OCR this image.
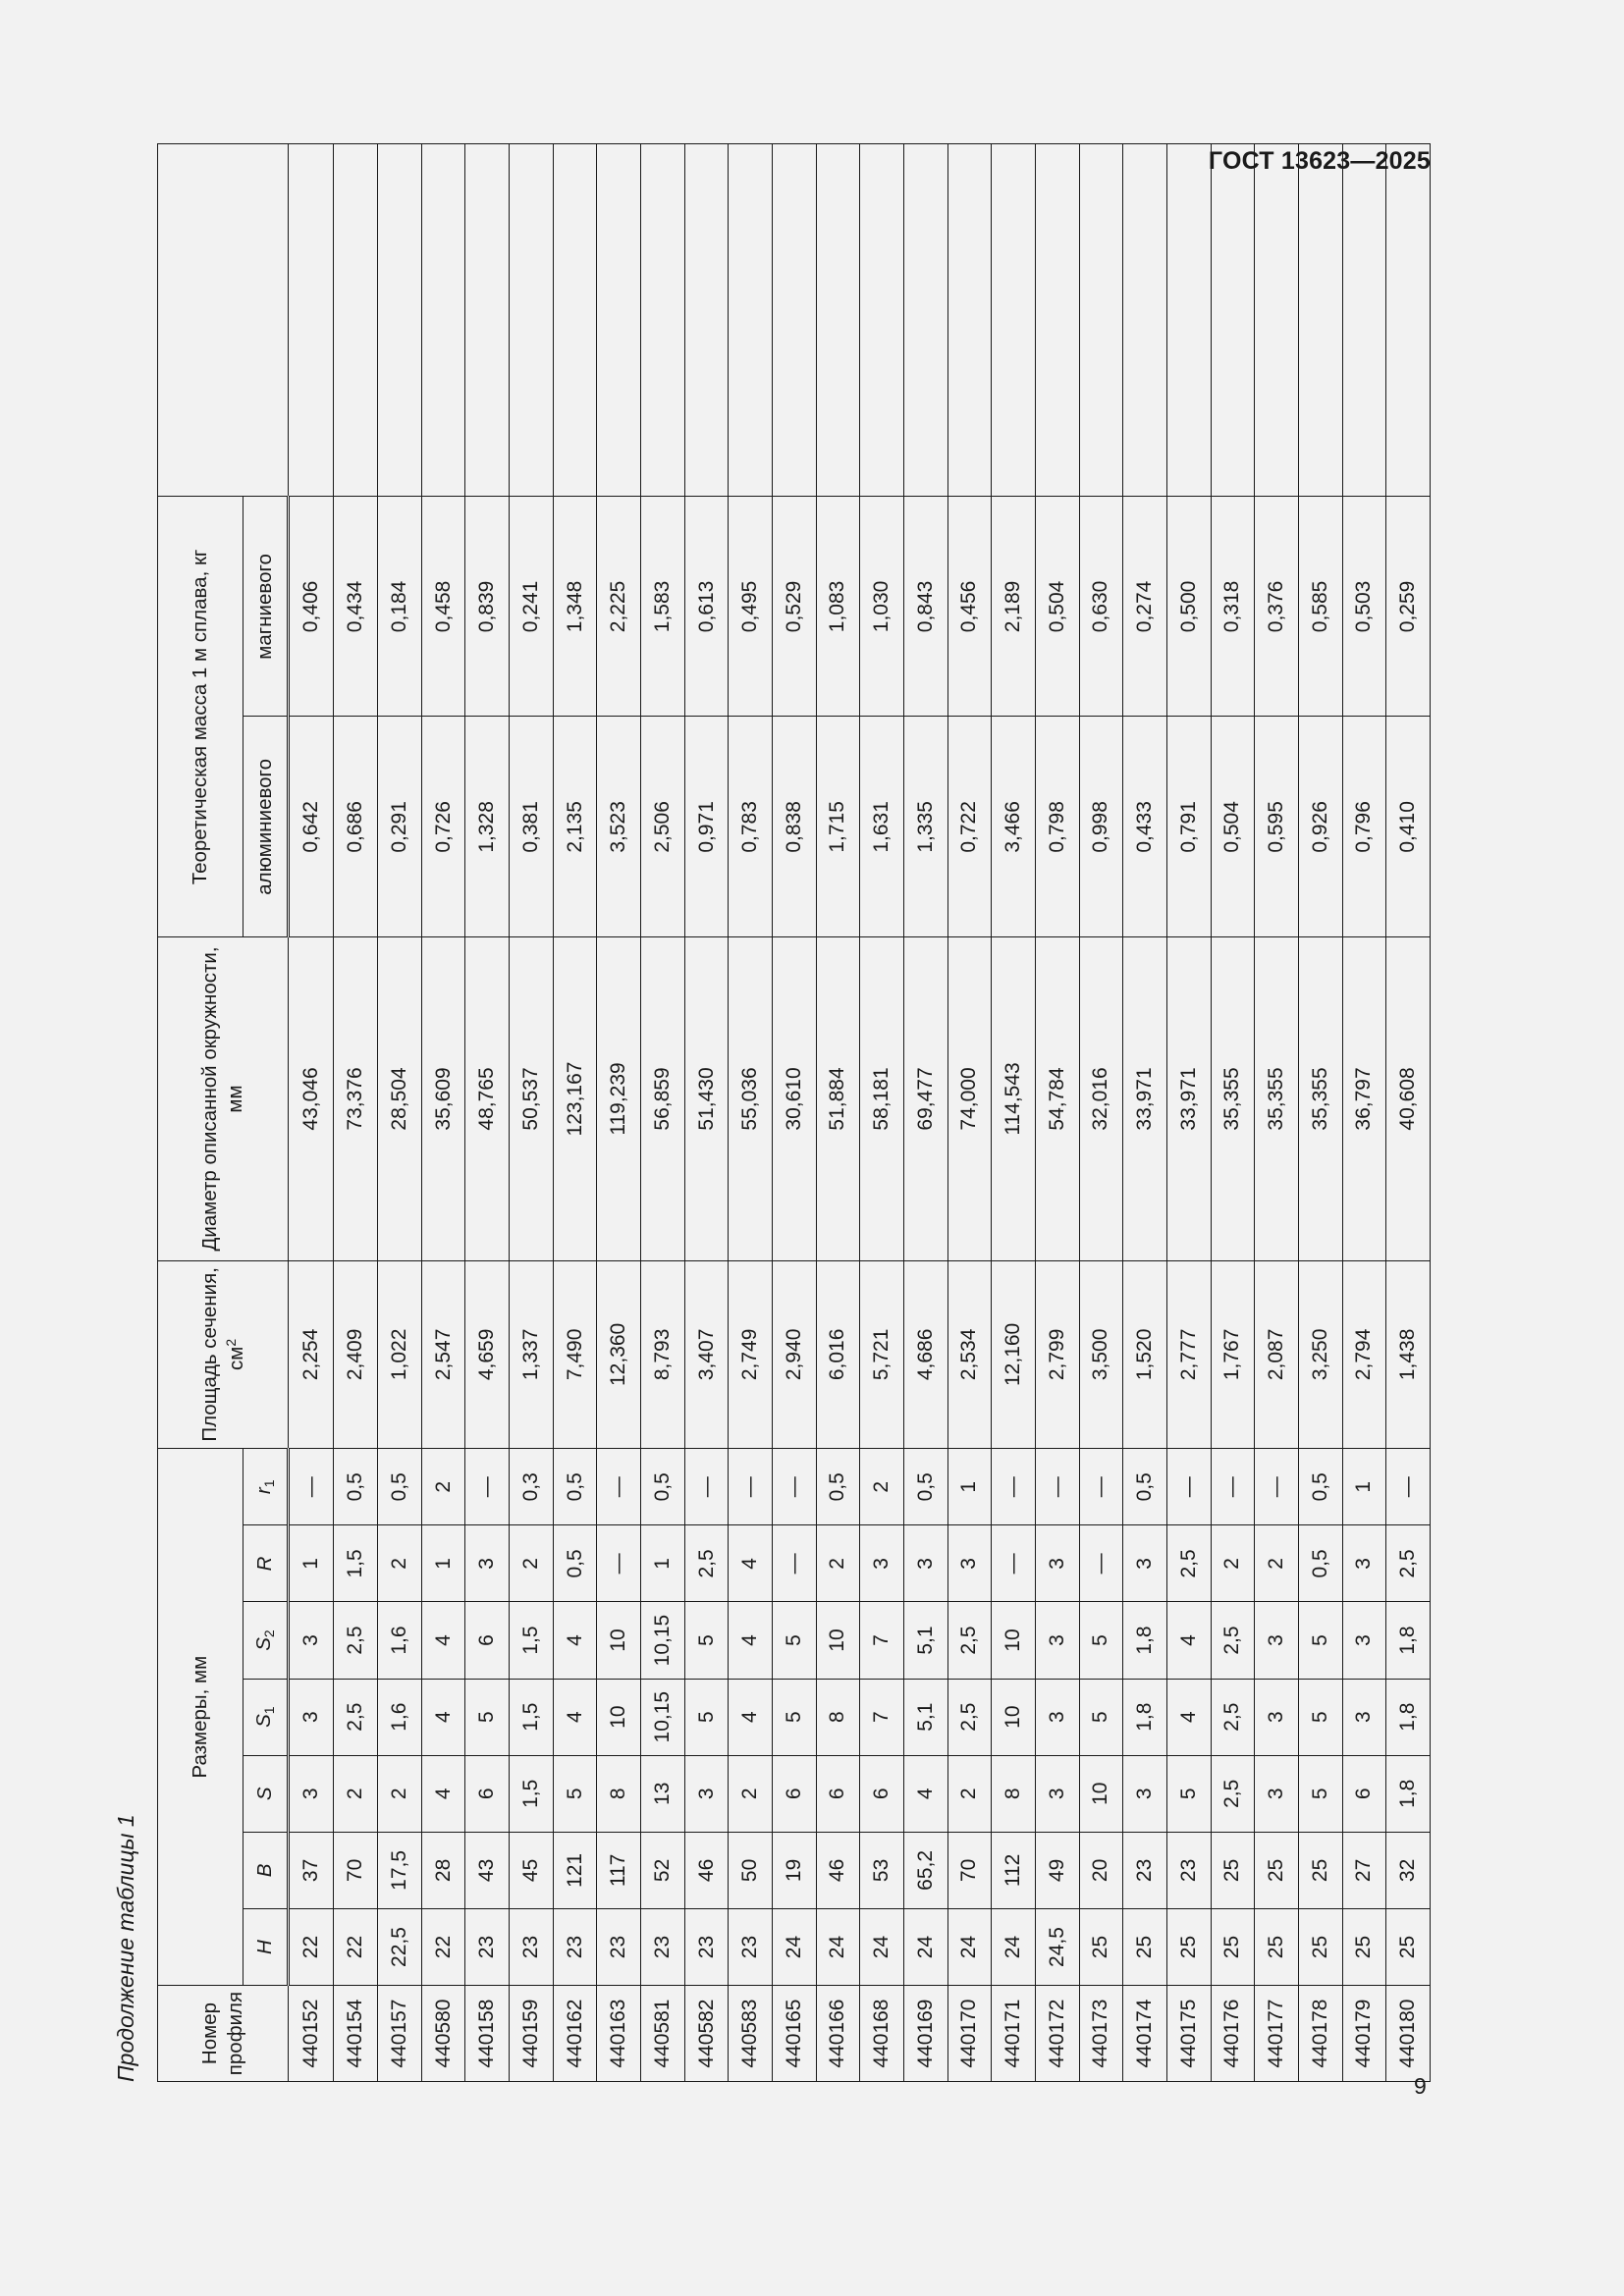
ГОСТ 13623—2025
Продолжение таблицы 1	Номер профиля	Размеры, мм							Площадь сечения, $см^2$	Диаметр описанной окружности, мм	Теоретическая масса 1 м сплава, кг		
	H	B	S	$S_1$	$S_2$	R	$r_1$			алюминиевого	магниевого	
440152	22	37	3	3	3	1	—	2,254	43,046	0,642	0,406	
440154	22	70	2	2,5	2,5	1,5	0,5	2,409	73,376	0,686	0,434	
440157	22,5	17,5	2	1,6	1,6	2	0,5	1,022	28,504	0,291	0,184	
440580	22	28	4	4	4	1	2	2,547	35,609	0,726	0,458	
440158	23	43	6	5	6	3	—	4,659	48,765	1,328	0,839	
440159	23	45	1,5	1,5	1,5	2	0,3	1,337	50,537	0,381	0,241	
440162	23	121	5	4	4	0,5	0,5	7,490	123,167	2,135	1,348	
440163	23	117	8	10	10	—	—	12,360	119,239	3,523	2,225	
440581	23	52	13	10,15	10,15	1	0,5	8,793	56,859	2,506	1,583	
440582	23	46	3	5	5	2,5	—	3,407	51,430	0,971	0,613	
440583	23	50	2	4	4	4	—	2,749	55,036	0,783	0,495	
440165	24	19	6	5	5	—	—	2,940	30,610	0,838	0,529	
440166	24	46	6	8	10	2	0,5	6,016	51,884	1,715	1,083	
440168	24	53	6	7	7	3	2	5,721	58,181	1,631	1,030	
440169	24	65,2	4	5,1	5,1	3	0,5	4,686	69,477	1,335	0,843	
440170	24	70	2	2,5	2,5	3	1	2,534	74,000	0,722	0,456	
440171	24	112	8	10	10	—	—	12,160	114,543	3,466	2,189	
440172	24,5	49	3	3	3	3	—	2,799	54,784	0,798	0,504	
440173	25	20	10	5	5	—	—	3,500	32,016	0,998	0,630	
440174	25	23	3	1,8	1,8	3	0,5	1,520	33,971	0,433	0,274	
440175	25	23	5	4	4	2,5	—	2,777	33,971	0,791	0,500	
440176	25	25	2,5	2,5	2,5	2	—	1,767	35,355	0,504	0,318	
440177	25	25	3	3	3	2	—	2,087	35,355	0,595	0,376	
440178	25	25	5	5	5	0,5	0,5	3,250	35,355	0,926	0,585	
440179	25	27	6	3	3	3	1	2,794	36,797	0,796	0,503	
440180	25	32	1,8	1,8	1,8	2,5	—	1,438	40,608	0,410	0,259	
9
